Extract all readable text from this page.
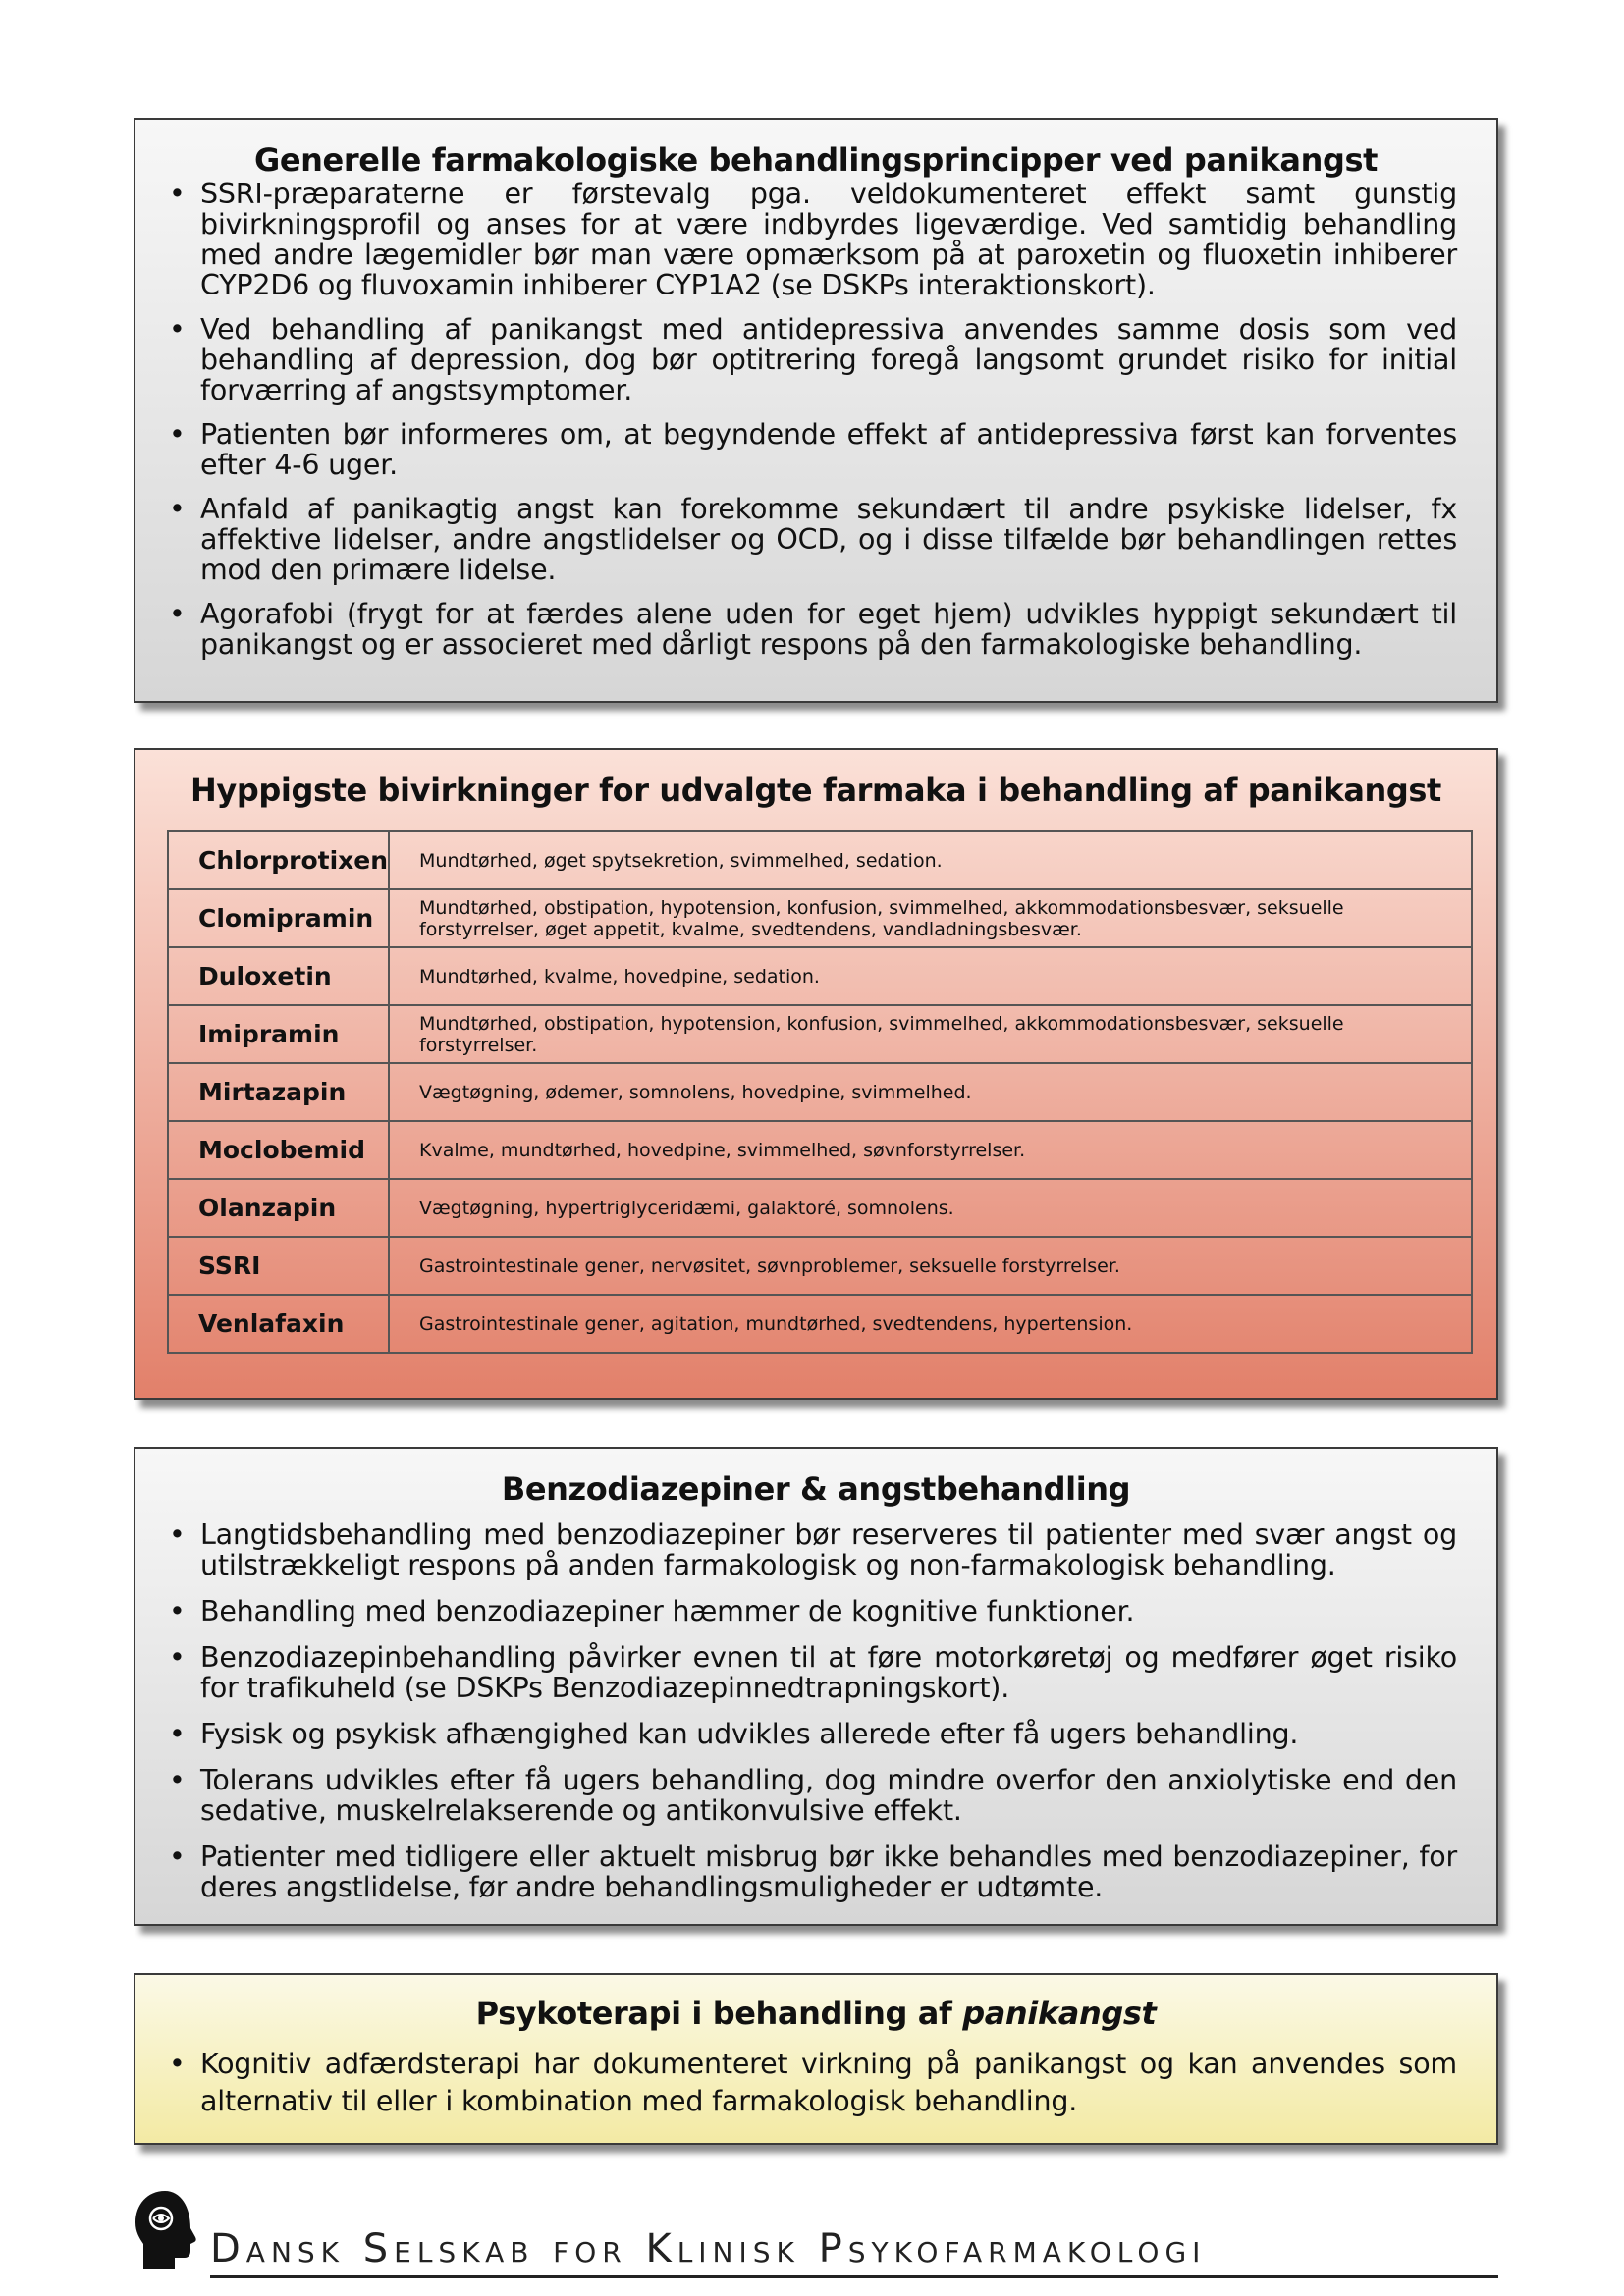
Generelle farmakologiske behandlingsprincipper ved panikangst
• SSRI-præparaterne er førstevalg pga. veldokumenteret effekt samt gunstig bivirkningsprofil og anses for at være indbyrdes ligeværdige. Ved samtidig behandling med andre lægemidler bør man være opmærksom på at paroxetin og fluoxetin inhiberer CYP2D6 og fluvoxamin inhiberer CYP1A2 (se DSKPs interaktionskort).
• Ved behandling af panikangst med antidepressiva anvendes samme dosis som ved behandling af depression, dog bør optitrering foregå langsomt grundet risiko for initial forværring af angstsymptomer.
• Patienten bør informeres om, at begyndende effekt af antidepressiva først kan forventes efter 4-6 uger.
• Anfald af panikagtig angst kan forekomme sekundært til andre psykiske lidelser, fx affektive lidelser, andre angstlidelser og OCD, og i disse tilfælde bør behandlingen rettes mod den primære lidelse.
• Agorafobi (frygt for at færdes alene uden for eget hjem) udvikles hyppigt sekundært til panikangst og er associeret med dårligt respons på den farmakologiske behandling.
Hyppigste bivirkninger for udvalgte farmaka i behandling af panikangst
Chlorprotixen	Mundtørhed, øget spytsekretion, svimmelhed, sedation.
Clomipramin	Mundtørhed, obstipation, hypotension, konfusion, svimmelhed, akkommodationsbesvær, seksuelle forstyrrelser, øget appetit, kvalme, svedtendens, vandladningsbesvær.
Duloxetin	Mundtørhed, kvalme, hovedpine, sedation.
Imipramin	Mundtørhed, obstipation, hypotension, konfusion, svimmelhed, akkommodationsbesvær, seksuelle forstyrrelser.
Mirtazapin	Vægtøgning, ødemer, somnolens, hovedpine, svimmelhed.
Moclobemid	Kvalme, mundtørhed, hovedpine, svimmelhed, søvnforstyrrelser.
Olanzapin	Vægtøgning, hypertriglyceridæmi, galaktoré, somnolens.
SSRI	Gastrointestinale gener, nervøsitet, søvnproblemer, seksuelle forstyrrelser.
Venlafaxin	Gastrointestinale gener, agitation, mundtørhed, svedtendens, hypertension.
Benzodiazepiner & angstbehandling
• Langtidsbehandling med benzodiazepiner bør reserveres til patienter med svær angst og utilstrækkeligt respons på anden farmakologisk og non-farmakologisk behandling.
• Behandling med benzodiazepiner hæmmer de kognitive funktioner.
• Benzodiazepinbehandling påvirker evnen til at føre motorkøretøj og medfører øget risiko for trafikuheld (se DSKPs Benzodiazepinnedtrapningskort).
• Fysisk og psykisk afhængighed kan udvikles allerede efter få ugers behandling.
• Tolerans udvikles efter få ugers behandling, dog mindre overfor den anxiolytiske end den sedative, muskelrelakserende og antikonvulsive effekt.
• Patienter med tidligere eller aktuelt misbrug bør ikke behandles med benzodiazepiner, for deres angstlidelse, før andre behandlingsmuligheder er udtømte.
Psykoterapi i behandling af panikangst
• Kognitiv adfærdsterapi har dokumenteret virkning på panikangst og kan anvendes som alternativ til eller i kombination med farmakologisk behandling.
Dansk Selskab for Klinisk Psykofarmakologi
